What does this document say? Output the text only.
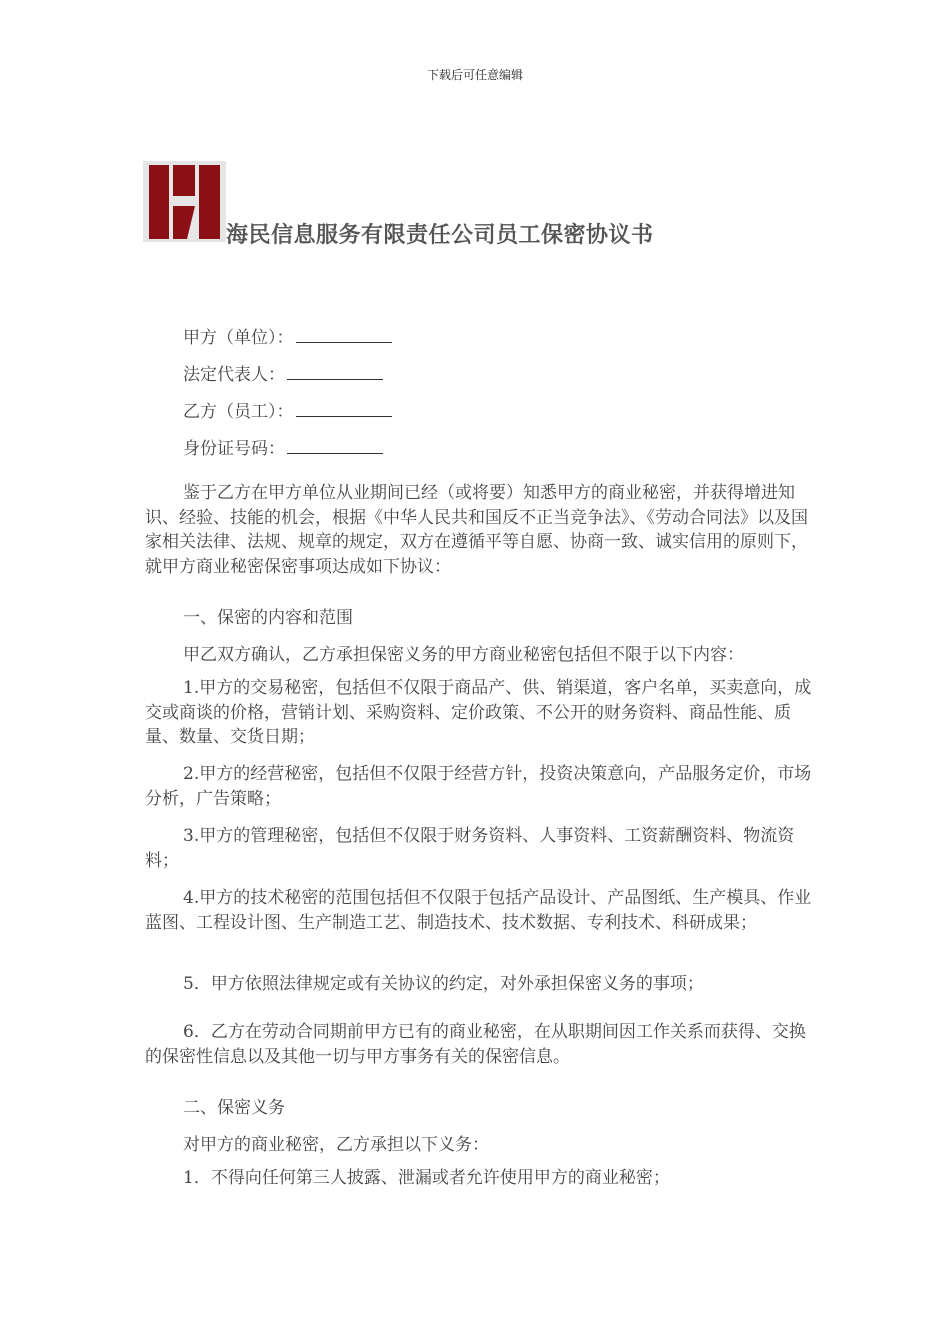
下载后可任意编辑
海民信息服务有限责任公司员工保密协议书
甲方（单位）：
法定代表人：
乙方（员工）：
身份证号码：
鉴于乙方在甲方单位从业期间已经（或将要）知悉甲方的商业秘密，并获得增进知识、经验、技能的机会，根据《中华人民共和国反不正当竞争法》、《劳动合同法》以及国家相关法律、法规、规章的规定，双方在遵循平等自愿、协商一致、诚实信用的原则下，就甲方商业秘密保密事项达成如下协议：
一、保密的内容和范围
甲乙双方确认，乙方承担保密义务的甲方商业秘密包括但不限于以下内容：
1.甲方的交易秘密，包括但不仅限于商品产、供、销渠道，客户名单，买卖意向，成交或商谈的价格，营销计划、采购资料、定价政策、不公开的财务资料、商品性能、质量、数量、交货日期；
2.甲方的经营秘密，包括但不仅限于经营方针，投资决策意向，产品服务定价，市场分析，广告策略；
3.甲方的管理秘密，包括但不仅限于财务资料、人事资料、工资薪酬资料、物流资料；
4.甲方的技术秘密的范围包括但不仅限于包括产品设计、产品图纸、生产模具、作业蓝图、工程设计图、生产制造工艺、制造技术、技术数据、专利技术、科研成果；
5．甲方依照法律规定或有关协议的约定，对外承担保密义务的事项；
6．乙方在劳动合同期前甲方已有的商业秘密，在从职期间因工作关系而获得、交换的保密性信息以及其他一切与甲方事务有关的保密信息。
二、保密义务
对甲方的商业秘密，乙方承担以下义务：
1．不得向任何第三人披露、泄漏或者允许使用甲方的商业秘密；
